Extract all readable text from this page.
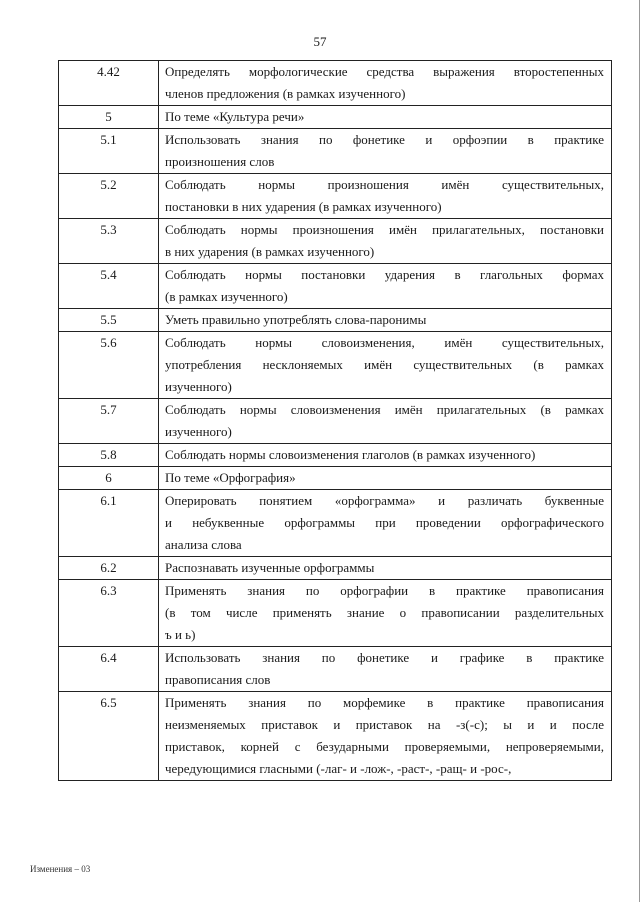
57
4.42	Определять морфологические средства выражения второстепенных
членов предложения (в рамках изученного)

5	По теме «Культура речи»

5.1	Использовать знания по фонетике и орфоэпии в практике
произношения слов

5.2	Соблюдать нормы произношения имён существительных,
постановки в них ударения (в рамках изученного)

5.3	Соблюдать нормы произношения имён прилагательных, постановки
в них ударения (в рамках изученного)

5.4	Соблюдать нормы постановки ударения в глагольных формах
(в рамках изученного)

5.5	Уметь правильно употреблять слова-паронимы

5.6	Соблюдать нормы словоизменения, имён существительных,
употребления несклоняемых имён существительных (в рамках
изученного)

5.7	Соблюдать нормы словоизменения имён прилагательных (в рамках
изученного)

5.8	Соблюдать нормы словоизменения глаголов (в рамках изученного)

6	По теме «Орфография»

6.1	Оперировать понятием «орфограмма» и различать буквенные
и небуквенные орфограммы при проведении орфографического
анализа слова

6.2	Распознавать изученные орфограммы

6.3	Применять знания по орфографии в практике правописания
(в том числе применять знание о правописании разделительных
ъ и ь)

6.4	Использовать знания по фонетике и графике в практике
правописания слов

6.5	Применять знания по морфемике в практике правописания
неизменяемых приставок и приставок на -з(-с); ы и и после
приставок, корней с безударными проверяемыми, непроверяемыми,
чередующимися гласными (-лаг- и -лож-, -раст-, -ращ- и -рос-,
Изменения – 03
